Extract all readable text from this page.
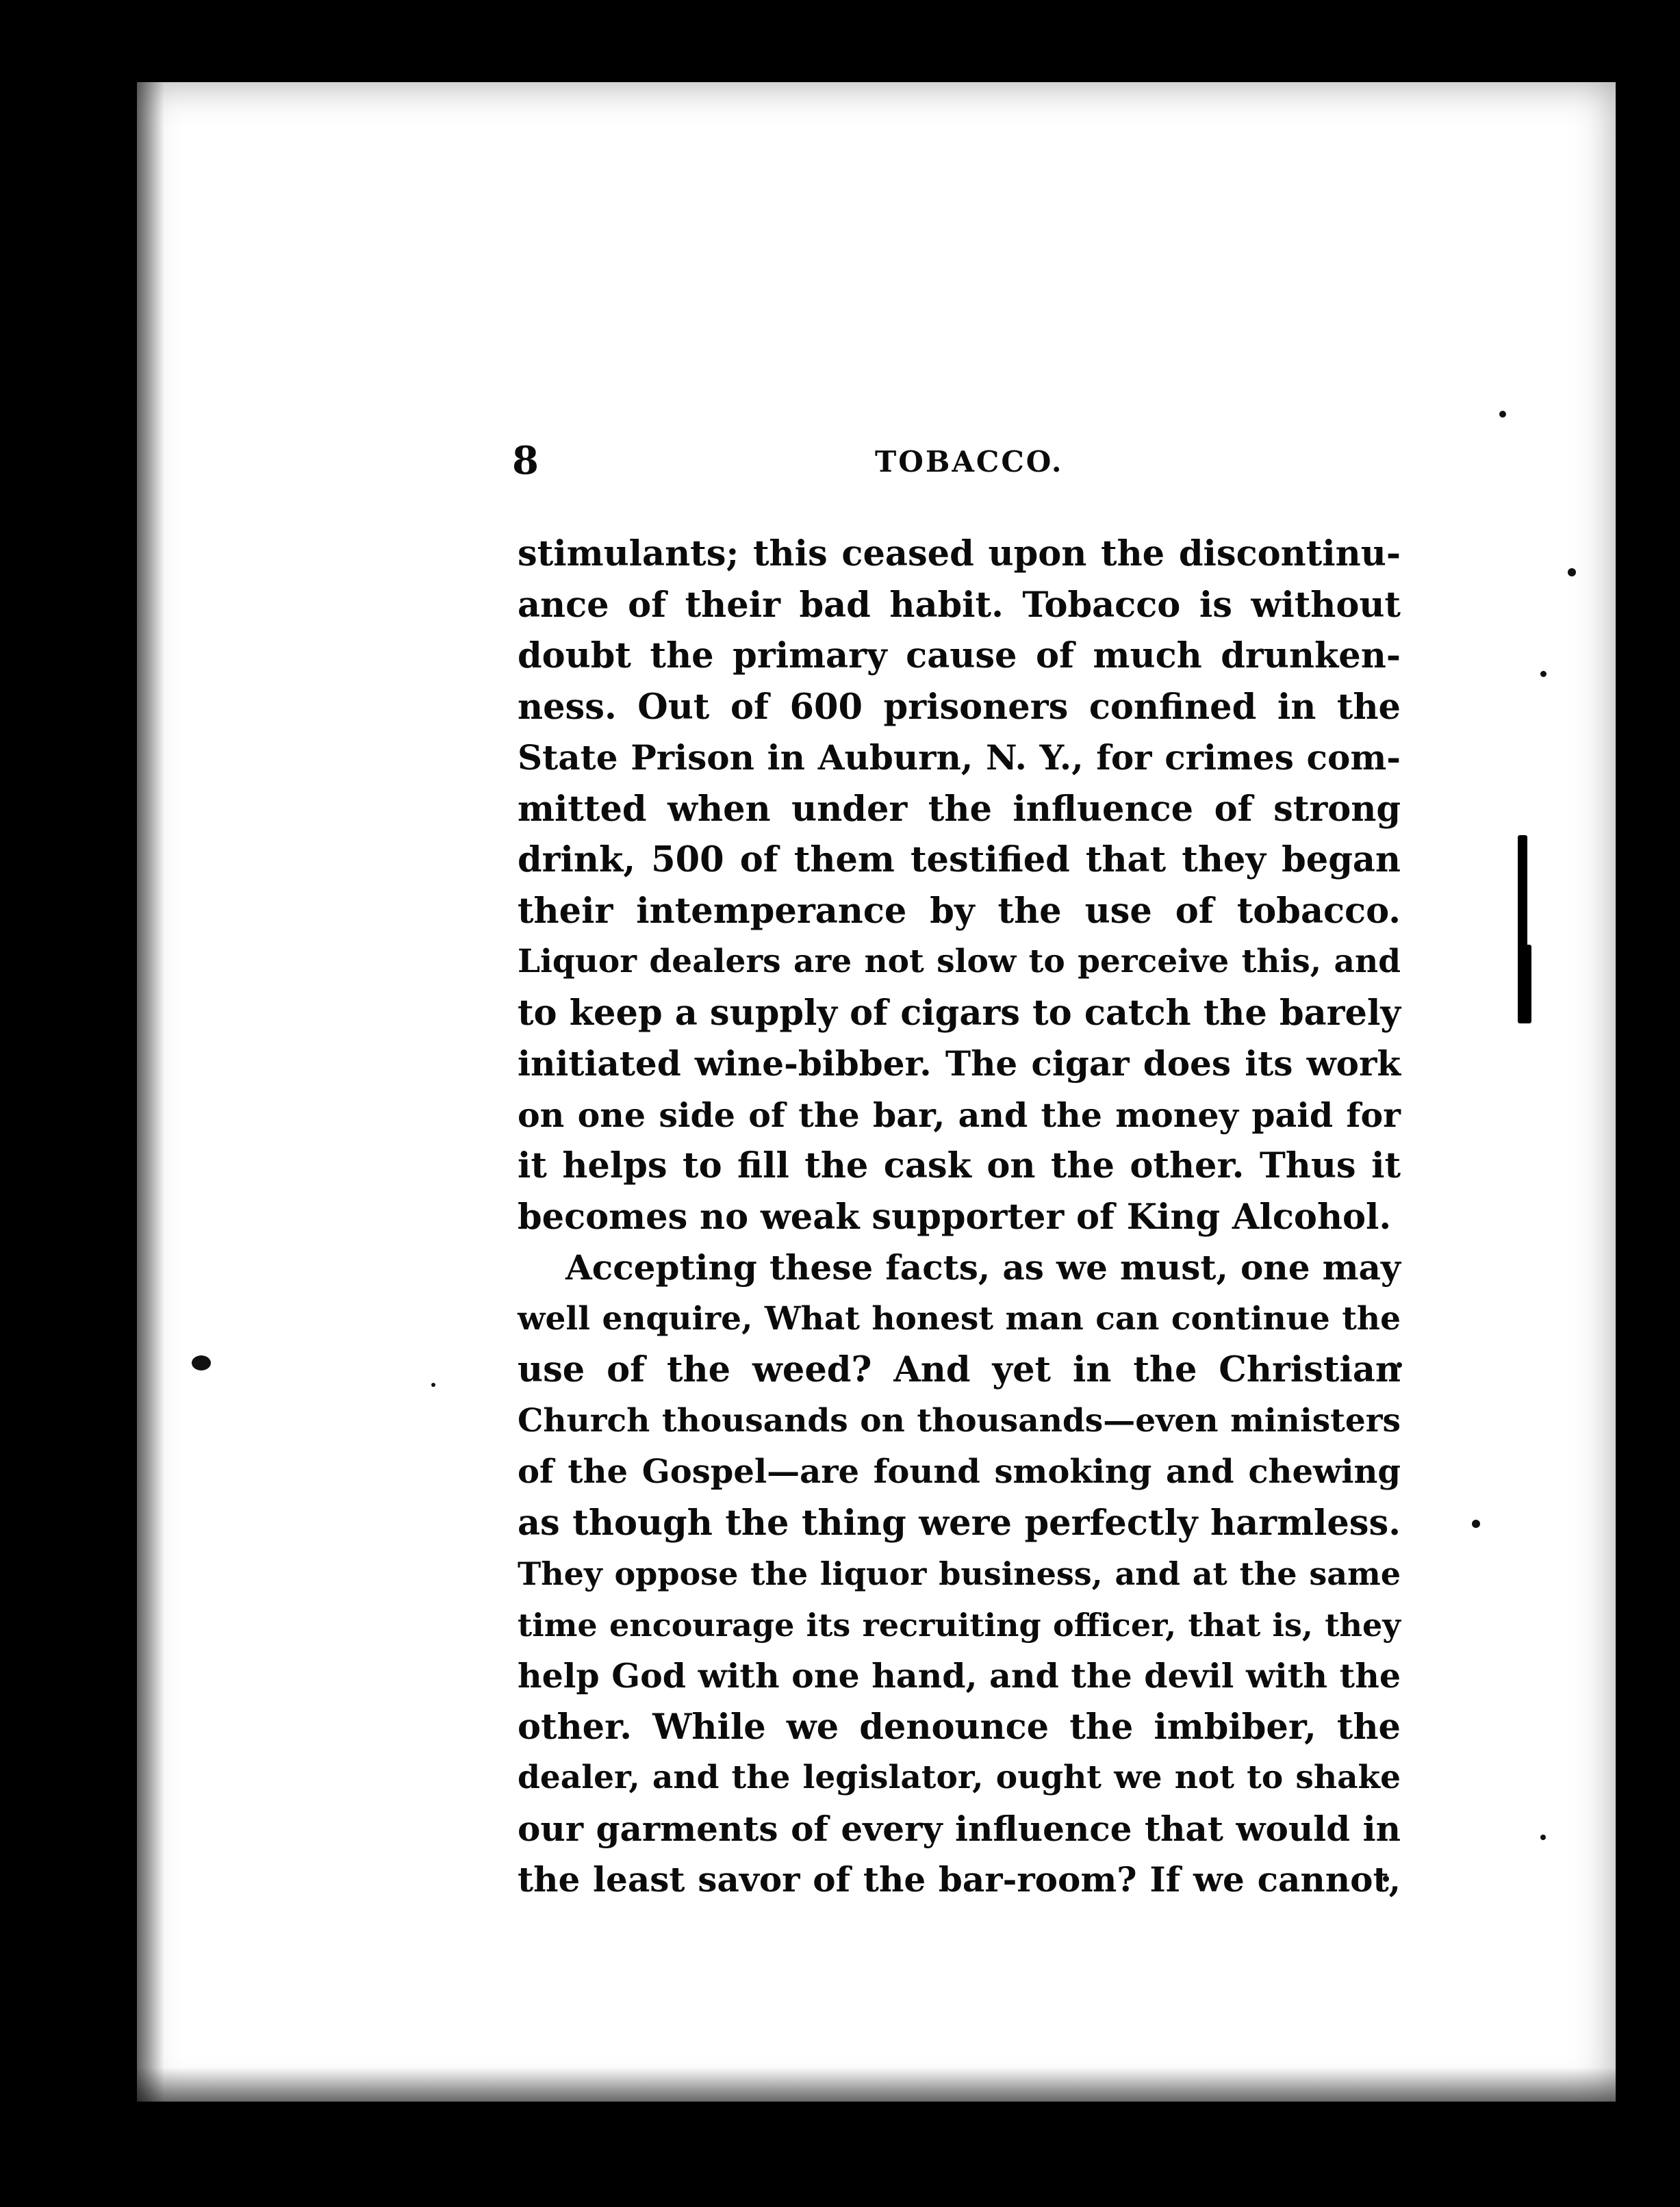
8	TOBACCO.
stimulants; this ceased upon the discontinu-
ance of their bad habit. Tobacco is without
doubt the primary cause of much drunken-
ness. Out of 600 prisoners confined in the
State Prison in Auburn, N. Y., for crimes com-
mitted when under the influence of strong
drink, 500 of them testified that they began
their intemperance by the use of tobacco.
Liquor dealers are not slow to perceive this, and
to keep a supply of cigars to catch the barely
initiated wine-bibber. The cigar does its work
on one side of the bar, and the money paid for
it helps to fill the cask on the other. Thus it
becomes no weak supporter of King Alcohol.
Accepting these facts, as we must, one may
well enquire, What honest man can continue the
use of the weed? And yet in the Christian
Church thousands on thousands—even ministers
of the Gospel—are found smoking and chewing
as though the thing were perfectly harmless.
They oppose the liquor business, and at the same
time encourage its recruiting officer, that is, they
help God with one hand, and the devil with the
other. While we denounce the imbiber, the
dealer, and the legislator, ought we not to shake
our garments of every influence that would in
the least savor of the bar-room? If we cannot,
